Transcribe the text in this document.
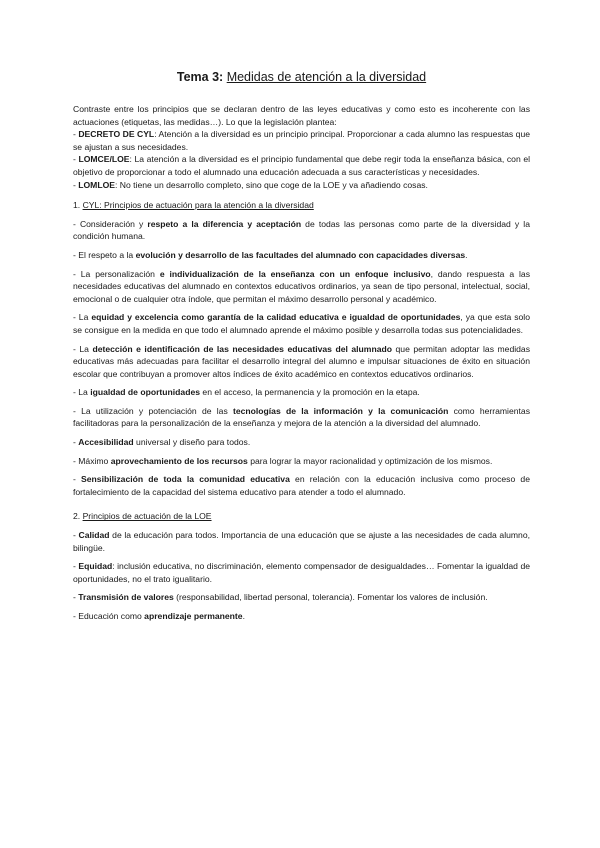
Tema 3: Medidas de atención a la diversidad

Contraste entre los principios que se declaran dentro de las leyes educativas y como esto es incoherente con las actuaciones (etiquetas, las medidas…). Lo que la legislación plantea:

- DECRETO DE CYL: Atención a la diversidad es un principio principal. Proporcionar a cada alumno las respuestas que se ajustan a sus necesidades.

- LOMCE/LOE: La atención a la diversidad es el principio fundamental que debe regir toda la enseñanza básica, con el objetivo de proporcionar a todo el alumnado una educación adecuada a sus características y necesidades.

- LOMLOE: No tiene un desarrollo completo, sino que coge de la LOE y va añadiendo cosas.

1. CYL: Principios de actuación para la atención a la diversidad

- Consideración y respeto a la diferencia y aceptación de todas las personas como parte de la diversidad y la condición humana.

- El respeto a la evolución y desarrollo de las facultades del alumnado con capacidades diversas.

- La personalización e individualización de la enseñanza con un enfoque inclusivo, dando respuesta a las necesidades educativas del alumnado en contextos educativos ordinarios, ya sean de tipo personal, intelectual, social, emocional o de cualquier otra índole, que permitan el máximo desarrollo personal y académico.

- La equidad y excelencia como garantía de la calidad educativa e igualdad de oportunidades, ya que esta solo se consigue en la medida en que todo el alumnado aprende el máximo posible y desarrolla todas sus potencialidades.

- La detección e identificación de las necesidades educativas del alumnado que permitan adoptar las medidas educativas más adecuadas para facilitar el desarrollo integral del alumno e impulsar situaciones de éxito en situación escolar que contribuyan a promover altos índices de éxito académico en contextos educativos ordinarios.

- La igualdad de oportunidades en el acceso, la permanencia y la promoción en la etapa.

- La utilización y potenciación de las tecnologías de la información y la comunicación como herramientas facilitadoras para la personalización de la enseñanza y mejora de la atención a la diversidad del alumnado.

- Accesibilidad universal y diseño para todos.

- Máximo aprovechamiento de los recursos para lograr la mayor racionalidad y optimización de los mismos.

- Sensibilización de toda la comunidad educativa en relación con la educación inclusiva como proceso de fortalecimiento de la capacidad del sistema educativo para atender a todo el alumnado.

2. Principios de actuación de la LOE

- Calidad de la educación para todos. Importancia de una educación que se ajuste a las necesidades de cada alumno, bilingüe.

- Equidad: inclusión educativa, no discriminación, elemento compensador de desigualdades… Fomentar la igualdad de oportunidades, no el trato igualitario.

- Transmisión de valores (responsabilidad, libertad personal, tolerancia). Fomentar los valores de inclusión.

- Educación como aprendizaje permanente.
